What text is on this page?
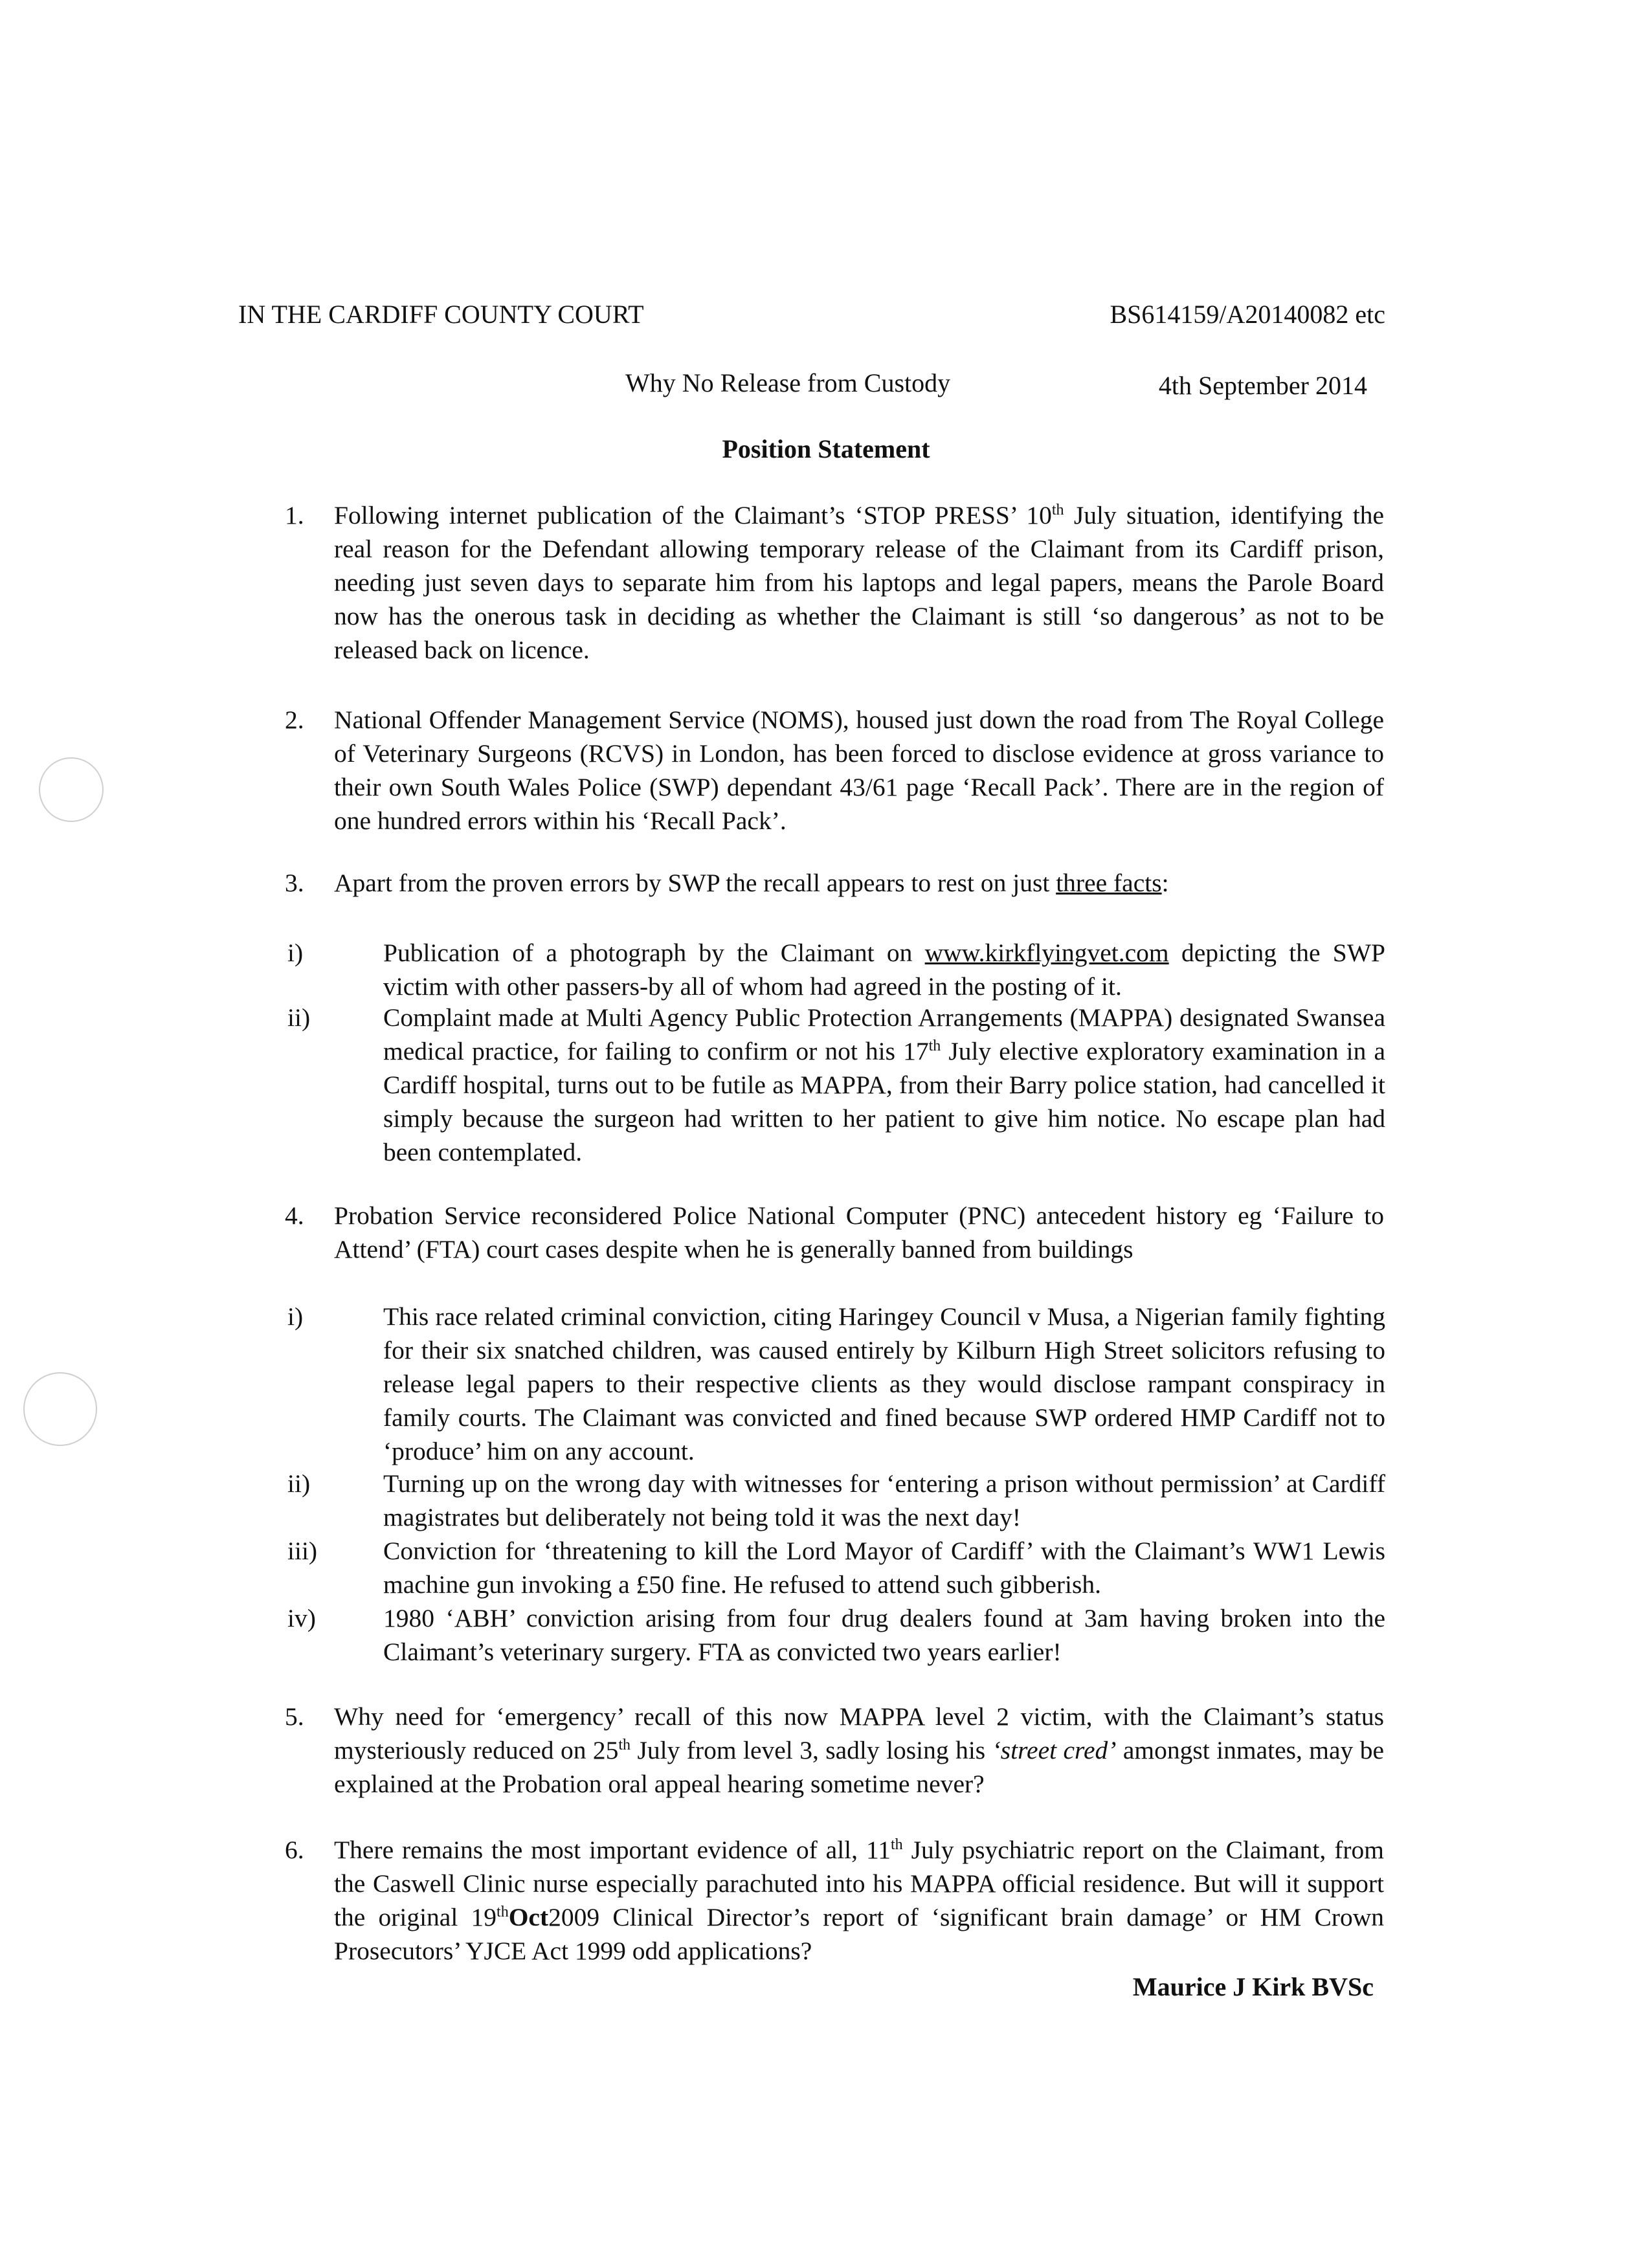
IN THE CARDIFF COUNTY COURT	BS614159/A20140082 etc
Why No Release from Custody	4th September 2014
Position Statement
1. Following internet publication of the Claimant’s ‘STOP PRESS’ 10th July situation, identifying the real reason for the Defendant allowing temporary release of the Claimant from its Cardiff prison, needing just seven days to separate him from his laptops and legal papers, means the Parole Board now has the onerous task in deciding as whether the Claimant is still ‘so dangerous’ as not to be released back on licence.
2. National Offender Management Service (NOMS), housed just down the road from The Royal College of Veterinary Surgeons (RCVS) in London, has been forced to disclose evidence at gross variance to their own South Wales Police (SWP) dependant 43/61 page ‘Recall Pack’. There are in the region of one hundred errors within his ‘Recall Pack’.
3. Apart from the proven errors by SWP the recall appears to rest on just three facts:
i)	Publication of a photograph by the Claimant on www.kirkflyingvet.com depicting the SWP victim with other passers-by all of whom had agreed in the posting of it.
ii)	Complaint made at Multi Agency Public Protection Arrangements (MAPPA) designated Swansea medical practice, for failing to confirm or not his 17th July elective exploratory examination in a Cardiff hospital, turns out to be futile as MAPPA, from their Barry police station, had cancelled it simply because the surgeon had written to her patient to give him notice. No escape plan had been contemplated.
4. Probation Service reconsidered Police National Computer (PNC) antecedent history eg ‘Failure to Attend’ (FTA) court cases despite when he is generally banned from buildings
i)	This race related criminal conviction, citing Haringey Council v Musa, a Nigerian family fighting for their six snatched children, was caused entirely by Kilburn High Street solicitors refusing to release legal papers to their respective clients as they would disclose rampant conspiracy in family courts. The Claimant was convicted and fined because SWP ordered HMP Cardiff not to ‘produce’ him on any account.
ii)	Turning up on the wrong day with witnesses for ‘entering a prison without permission’ at Cardiff magistrates but deliberately not being told it was the next day!
iii)	Conviction for ‘threatening to kill the Lord Mayor of Cardiff’ with the Claimant’s WW1 Lewis machine gun invoking a £50 fine. He refused to attend such gibberish.
iv)	1980 ‘ABH’ conviction arising from four drug dealers found at 3am having broken into the Claimant’s veterinary surgery. FTA as convicted two years earlier!
5. Why need for ‘emergency’ recall of this now MAPPA level 2 victim, with the Claimant’s status mysteriously reduced on 25th July from level 3, sadly losing his ‘street cred’ amongst inmates, may be explained at the Probation oral appeal hearing sometime never?
6. There remains the most important evidence of all, 11th July psychiatric report on the Claimant, from the Caswell Clinic nurse especially parachuted into his MAPPA official residence. But will it support the original 19thOct2009 Clinical Director’s report of ‘significant brain damage’ or HM Crown Prosecutors’ YJCE Act 1999 odd applications?
Maurice J Kirk BVSc
